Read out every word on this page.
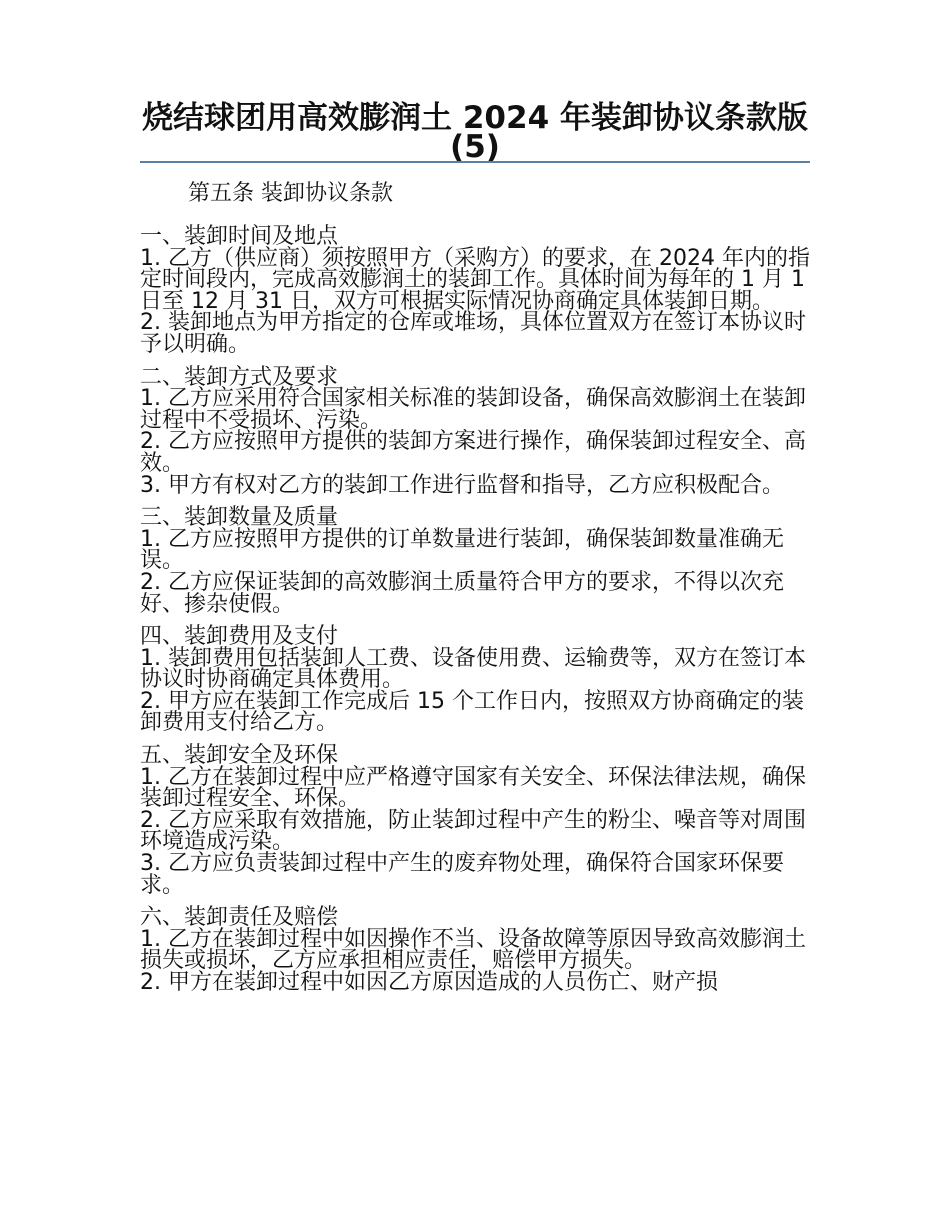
烧结球团用高效膨润土 2024 年装卸协议条款版(5)

第五条 装卸协议条款

一、装卸时间及地点

1. 乙方（供应商）须按照甲方（采购方）的要求，在 2024 年内的指定时间段内，完成高效膨润土的装卸工作。具体时间为每年的 1 月 1 日至 12 月 31 日，双方可根据实际情况协商确定具体装卸日期。

2. 装卸地点为甲方指定的仓库或堆场，具体位置双方在签订本协议时予以明确。

二、装卸方式及要求

1. 乙方应采用符合国家相关标准的装卸设备，确保高效膨润土在装卸过程中不受损坏、污染。

2. 乙方应按照甲方提供的装卸方案进行操作，确保装卸过程安全、高效。

3. 甲方有权对乙方的装卸工作进行监督和指导，乙方应积极配合。

三、装卸数量及质量

1. 乙方应按照甲方提供的订单数量进行装卸，确保装卸数量准确无误。

2. 乙方应保证装卸的高效膨润土质量符合甲方的要求，不得以次充好、掺杂使假。

四、装卸费用及支付

1. 装卸费用包括装卸人工费、设备使用费、运输费等，双方在签订本协议时协商确定具体费用。

2. 甲方应在装卸工作完成后 15 个工作日内，按照双方协商确定的装卸费用支付给乙方。

五、装卸安全及环保

1. 乙方在装卸过程中应严格遵守国家有关安全、环保法律法规，确保装卸过程安全、环保。

2. 乙方应采取有效措施，防止装卸过程中产生的粉尘、噪音等对周围环境造成污染。

3. 乙方应负责装卸过程中产生的废弃物处理，确保符合国家环保要求。

六、装卸责任及赔偿

1. 乙方在装卸过程中如因操作不当、设备故障等原因导致高效膨润土损失或损坏，乙方应承担相应责任，赔偿甲方损失。

2. 甲方在装卸过程中如因乙方原因造成的人员伤亡、财产损
